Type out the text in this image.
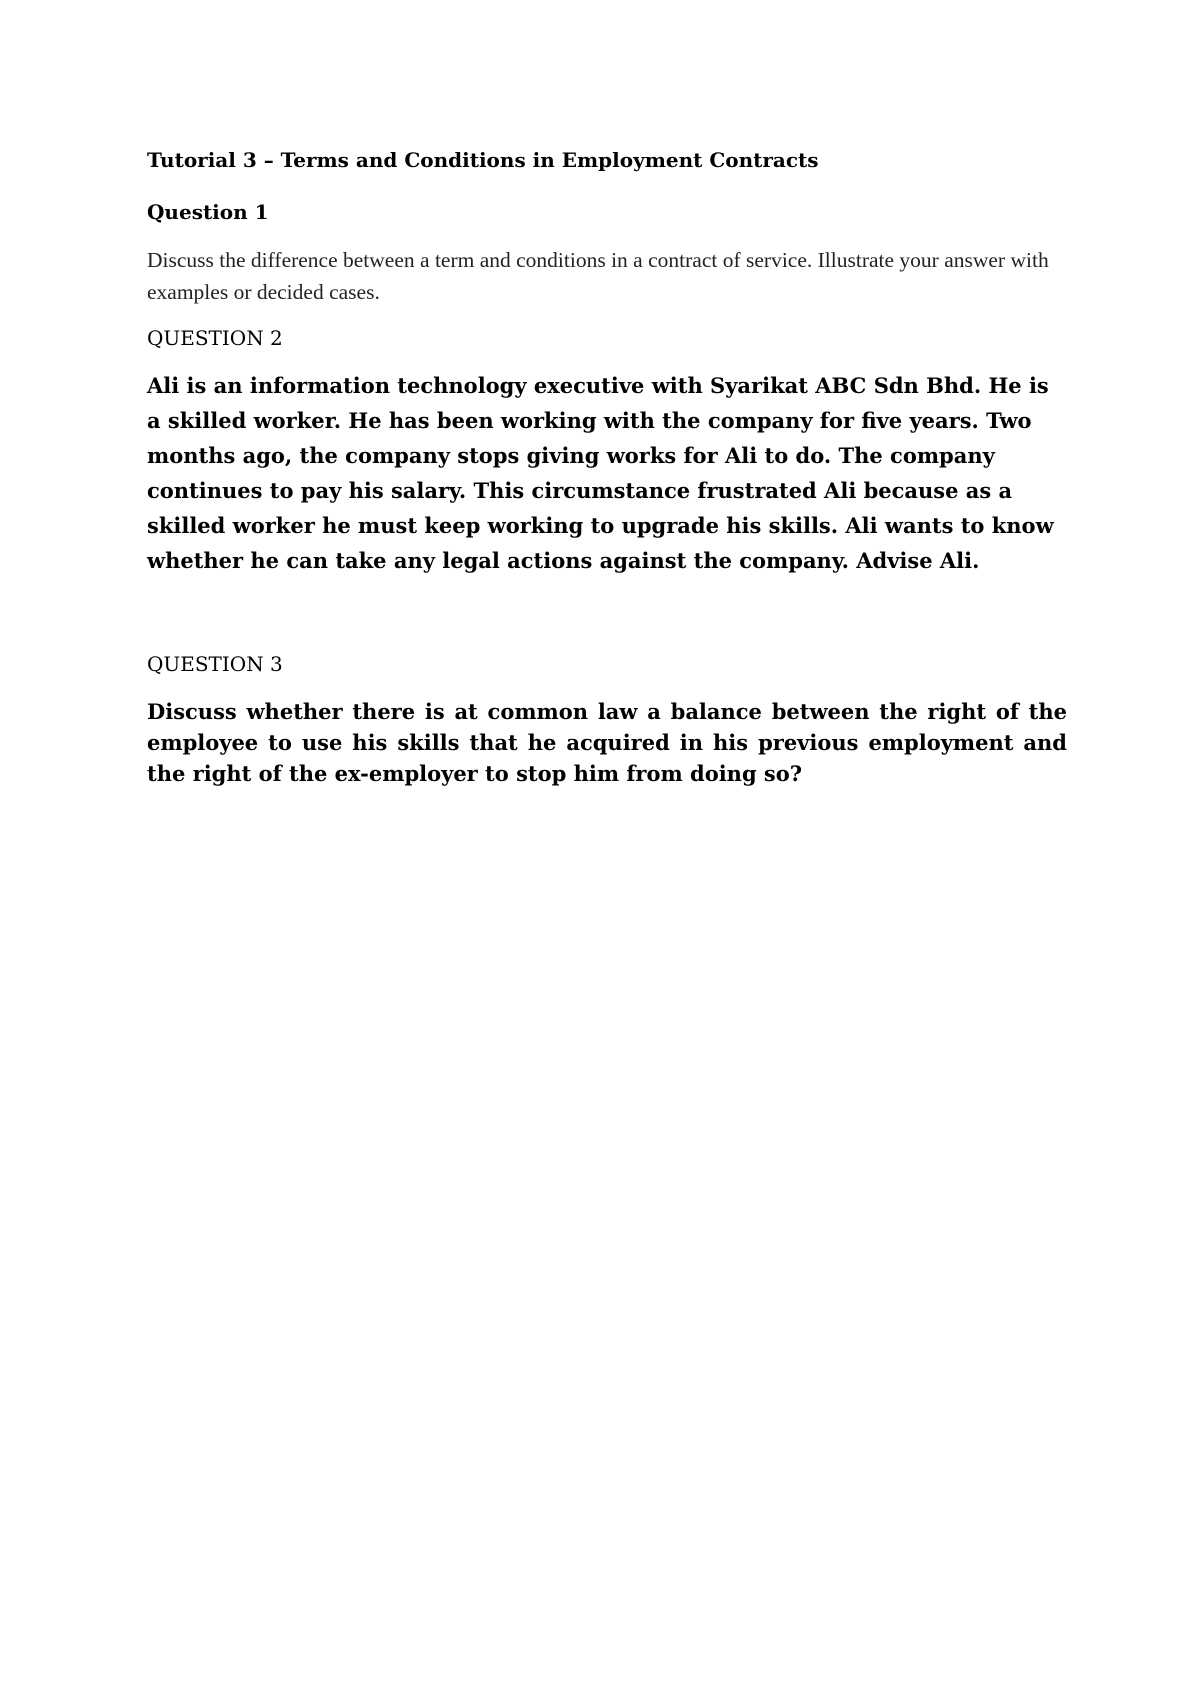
Tutorial 3 – Terms and Conditions in Employment Contracts

Question 1

Discuss the difference between a term and conditions in a contract of service. Illustrate your answer with examples or decided cases.

QUESTION 2

Ali is an information technology executive with Syarikat ABC Sdn Bhd. He is a skilled worker. He has been working with the company for five years. Two months ago, the company stops giving works for Ali to do. The company continues to pay his salary. This circumstance frustrated Ali because as a skilled worker he must keep working to upgrade his skills. Ali wants to know whether he can take any legal actions against the company. Advise Ali.

QUESTION 3

Discuss whether there is at common law a balance between the right of the employee to use his skills that he acquired in his previous employment and the right of the ex-employer to stop him from doing so?
